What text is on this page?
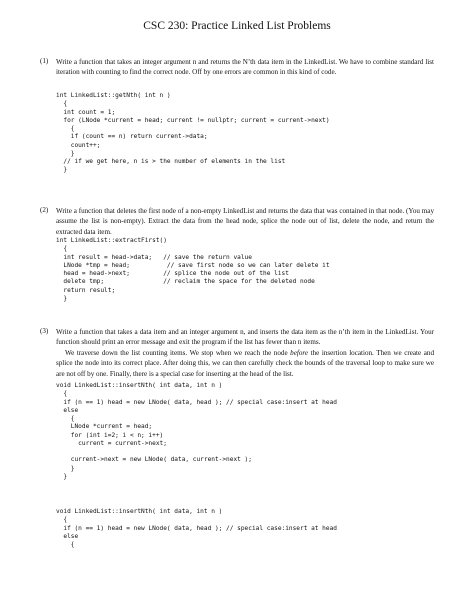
CSC 230: Practice Linked List Problems
(1) Write a function that takes an integer argument n and returns the N’th data item in the LinkedList. We have to combine standard list iteration with counting to find the correct node. Off by one errors are common in this kind of code.

int LinkedList::getNth( int n )
{
int count = 1;
for (LNode *current = head; current != nullptr; current = current->next)
{
if (count == n) return current->data;
count++;
}
// if we get here, n is > the number of elements in the list
}
(2) Write a function that deletes the first node of a non-empty LinkedList and returns the data that was contained in that node. (You may assume the list is non-empty). Extract the data from the head node, splice the node out of list, delete the node, and return the extracted data item.

int LinkedList::extractFirst()
{
int result = head->data;   // save the return value
LNode *tmp = head;          // save first node so we can later delete it
head = head->next;         // splice the node out of the list
delete tmp;                // reclaim the space for the deleted node
return result;
}
(3) Write a function that takes a data item and an integer argument n, and inserts the data item as the n’th item in the LinkedList. Your function should print an error message and exit the program if the list has fewer than n items.

We traverse down the list counting items. We stop when we reach the node before the insertion location. Then we create and splice the node into its correct place. After doing this, we can then carefully check the bounds of the traversal loop to make sure we are not off by one. Finally, there is a special case for inserting at the head of the list.

void LinkedList::insertNth( int data, int n )
{
if (n == 1) head = new LNode( data, head ); // special case:insert at head
else
{
LNode *current = head;
for (int i=2; i < n; i++)
current = current->next;

current->next = new LNode( data, current->next );
}
}
void LinkedList::insertNth( int data, int n )
{
if (n == 1) head = new LNode( data, head ); // special case:insert at head
else
{
